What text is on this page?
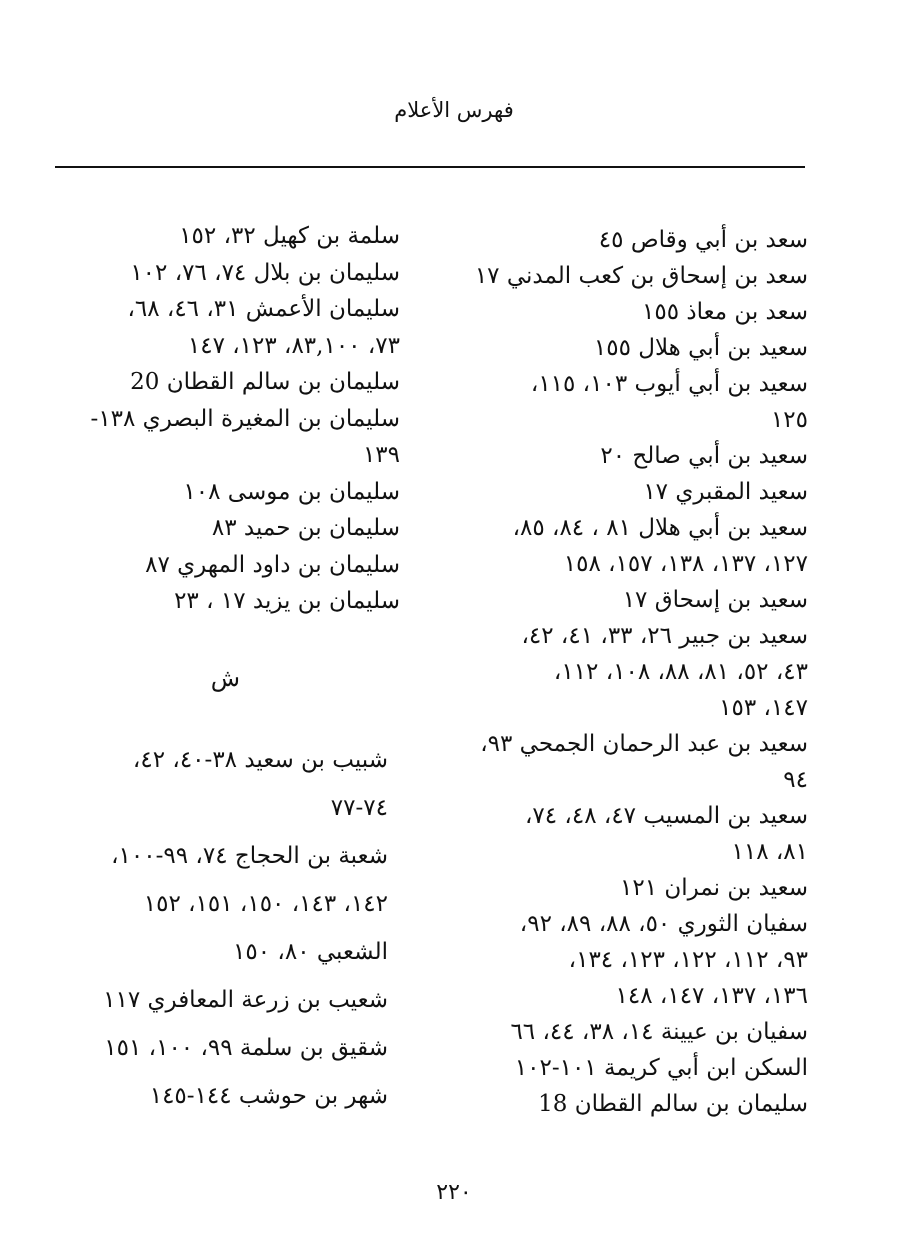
فهرس الأعلام
سعد بن أبي وقاص ٤٥
سعد بن إسحاق بن كعب المدني ١٧
سعد بن معاذ ١٥٥
سعيد بن أبي هلال ١٥٥
سعيد بن أبي أيوب ١٠٣، ١١٥،
١٢٥
سعيد بن أبي صالح ٢٠
سعيد المقبري ١٧
سعيد بن أبي هلال ٨١ ، ٨٤، ٨٥،
١٢٧، ١٣٧، ١٣٨، ١٥٧، ١٥٨
سعيد بن إسحاق ١٧
سعيد بن جبير ٢٦، ٣٣، ٤١، ٤٢،
٤٣، ٥٢، ٨١، ٨٨، ١٠٨، ١١٢،
١٤٧، ١٥٣
سعيد بن عبد الرحمان الجمحي ٩٣،
٩٤
سعيد بن المسيب ٤٧، ٤٨، ٧٤،
٨١، ١١٨
سعيد بن نمران ١٢١
سفيان الثوري ٥٠، ٨٨، ٨٩، ٩٢،
٩٣، ١١٢، ١٢٢، ١٢٣، ١٣٤،
١٣٦، ١٣٧، ١٤٧، ١٤٨
سفيان بن عيينة ١٤، ٣٨، ٤٤، ٦٦
السكن ابن أبي كريمة ١٠١-١٠٢
سليمان بن سالم القطان 18
سلمة بن كهيل ٣٢، ١٥٢
سليمان بن بلال ٧٤، ٧٦، ١٠٢
سليمان الأعمش ٣١، ٤٦، ٦٨،
٧٣، ٨٣,١٠٠، ١٢٣، ١٤٧
سليمان بن سالم القطان 20
سليمان بن المغيرة البصري ١٣٨-
١٣٩
سليمان بن موسى ١٠٨
سليمان بن حميد ٨٣
سليمان بن داود المهري ٨٧
سليمان بن يزيد ١٧ ، ٢٣
ش
شبيب بن سعيد ٣٨-٤٠، ٤٢،
٧٤-٧٧
شعبة بن الحجاج ٧٤، ٩٩-١٠٠،
١٤٢، ١٤٣، ١٥٠، ١٥١، ١٥٢
الشعبي ٨٠، ١٥٠
شعيب بن زرعة المعافري ١١٧
شقيق بن سلمة ٩٩، ١٠٠، ١٥١
شهر بن حوشب ١٤٤-١٤٥
٢٢٠
